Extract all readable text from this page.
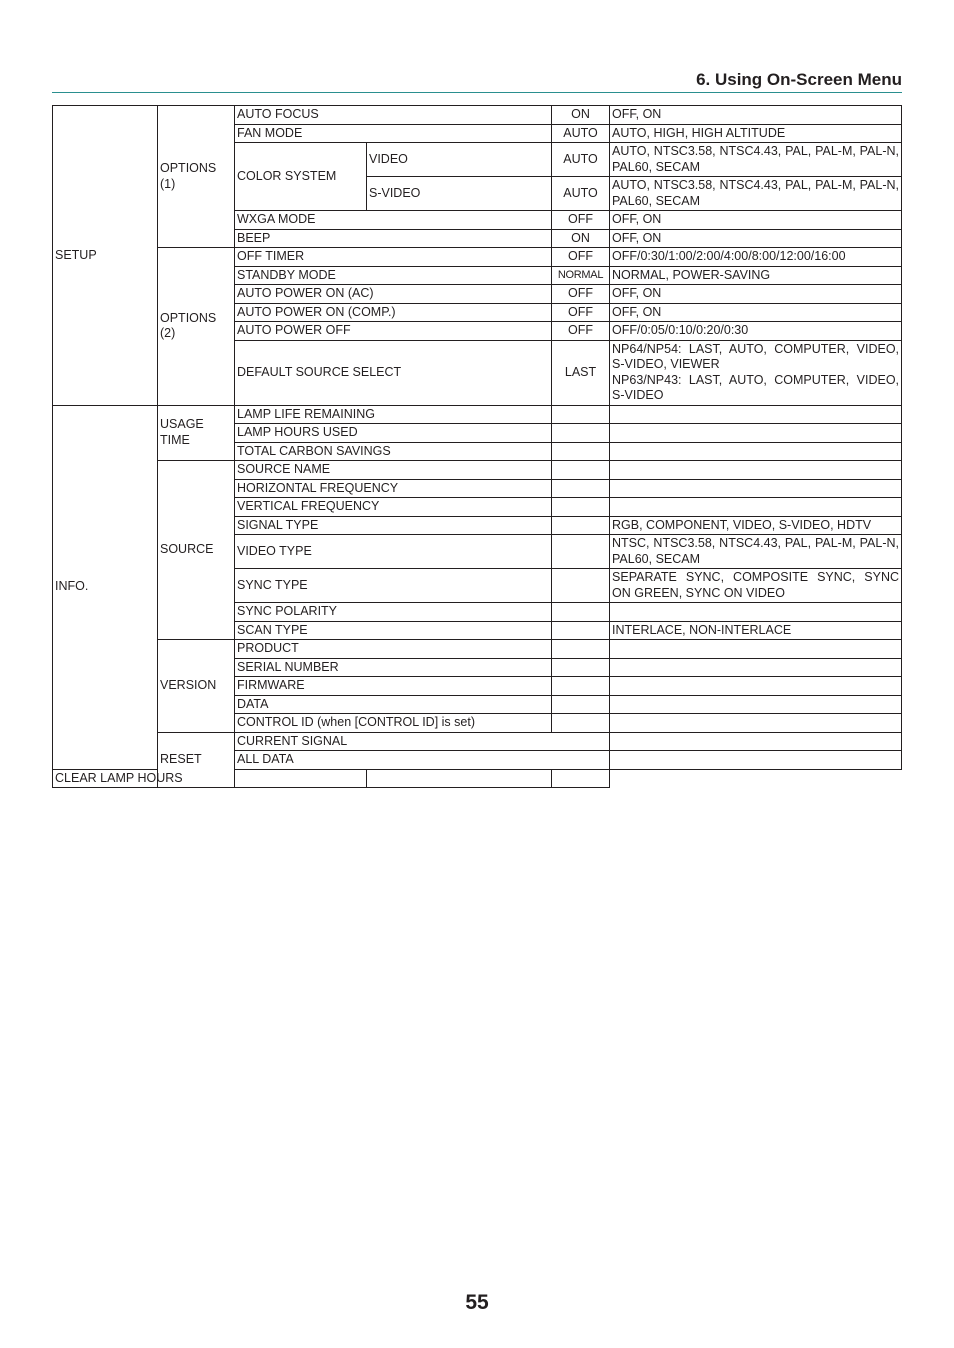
6. Using On-Screen Menu
SETUP	OPTIONS (1)	AUTO FOCUS		ON	OFF, ON	
		FAN MODE		AUTO	AUTO, HIGH, HIGH ALTITUDE	
		COLOR SYSTEM	VIDEO	AUTO	AUTO, NTSC3.58, NTSC4.43, PAL, PAL-M, PAL-N, PAL60, SECAM	
			S-VIDEO	AUTO	AUTO, NTSC3.58, NTSC4.43, PAL, PAL-M, PAL-N, PAL60, SECAM	
		WXGA MODE		OFF	OFF, ON	
		BEEP		ON	OFF, ON	
	OPTIONS (2)	OFF TIMER		OFF	OFF/0:30/1:00/2:00/4:00/8:00/12:00/16:00	
		STANDBY MODE		NORMAL	NORMAL, POWER-SAVING	
		AUTO POWER ON (AC)		OFF	OFF, ON	
		AUTO POWER ON (COMP.)		OFF	OFF, ON	
		AUTO POWER OFF		OFF	OFF/0:05/0:10/0:20/0:30	
		DEFAULT SOURCE SELECT		LAST	NP64/NP54: LAST, AUTO, COMPUTER, VIDEO, S-VIDEO, VIEWER
NP63/NP43: LAST, AUTO, COMPUTER, VIDEO, S-VIDEO	

INFO.	USAGE TIME	LAMP LIFE REMAINING				
		LAMP HOURS USED				
		TOTAL CARBON SAVINGS				
	SOURCE	SOURCE NAME				
		HORIZONTAL FREQUENCY				
		VERTICAL FREQUENCY				
		SIGNAL TYPE			RGB, COMPONENT, VIDEO, S-VIDEO, HDTV	
		VIDEO TYPE			NTSC, NTSC3.58, NTSC4.43, PAL, PAL-M, PAL-N, PAL60, SECAM	
		SYNC TYPE			SEPARATE SYNC, COMPOSITE SYNC, SYNC ON GREEN, SYNC ON VIDEO	
		SYNC POLARITY				
		SCAN TYPE			INTERLACE, NON-INTERLACE	
	VERSION	PRODUCT				
		SERIAL NUMBER				
		FIRMWARE				
		DATA				
		CONTROL ID (when [CONTROL ID] is set)				
	RESET	CURRENT SIGNAL				
		ALL DATA				
CLEAR LAMP HOURS						
55
